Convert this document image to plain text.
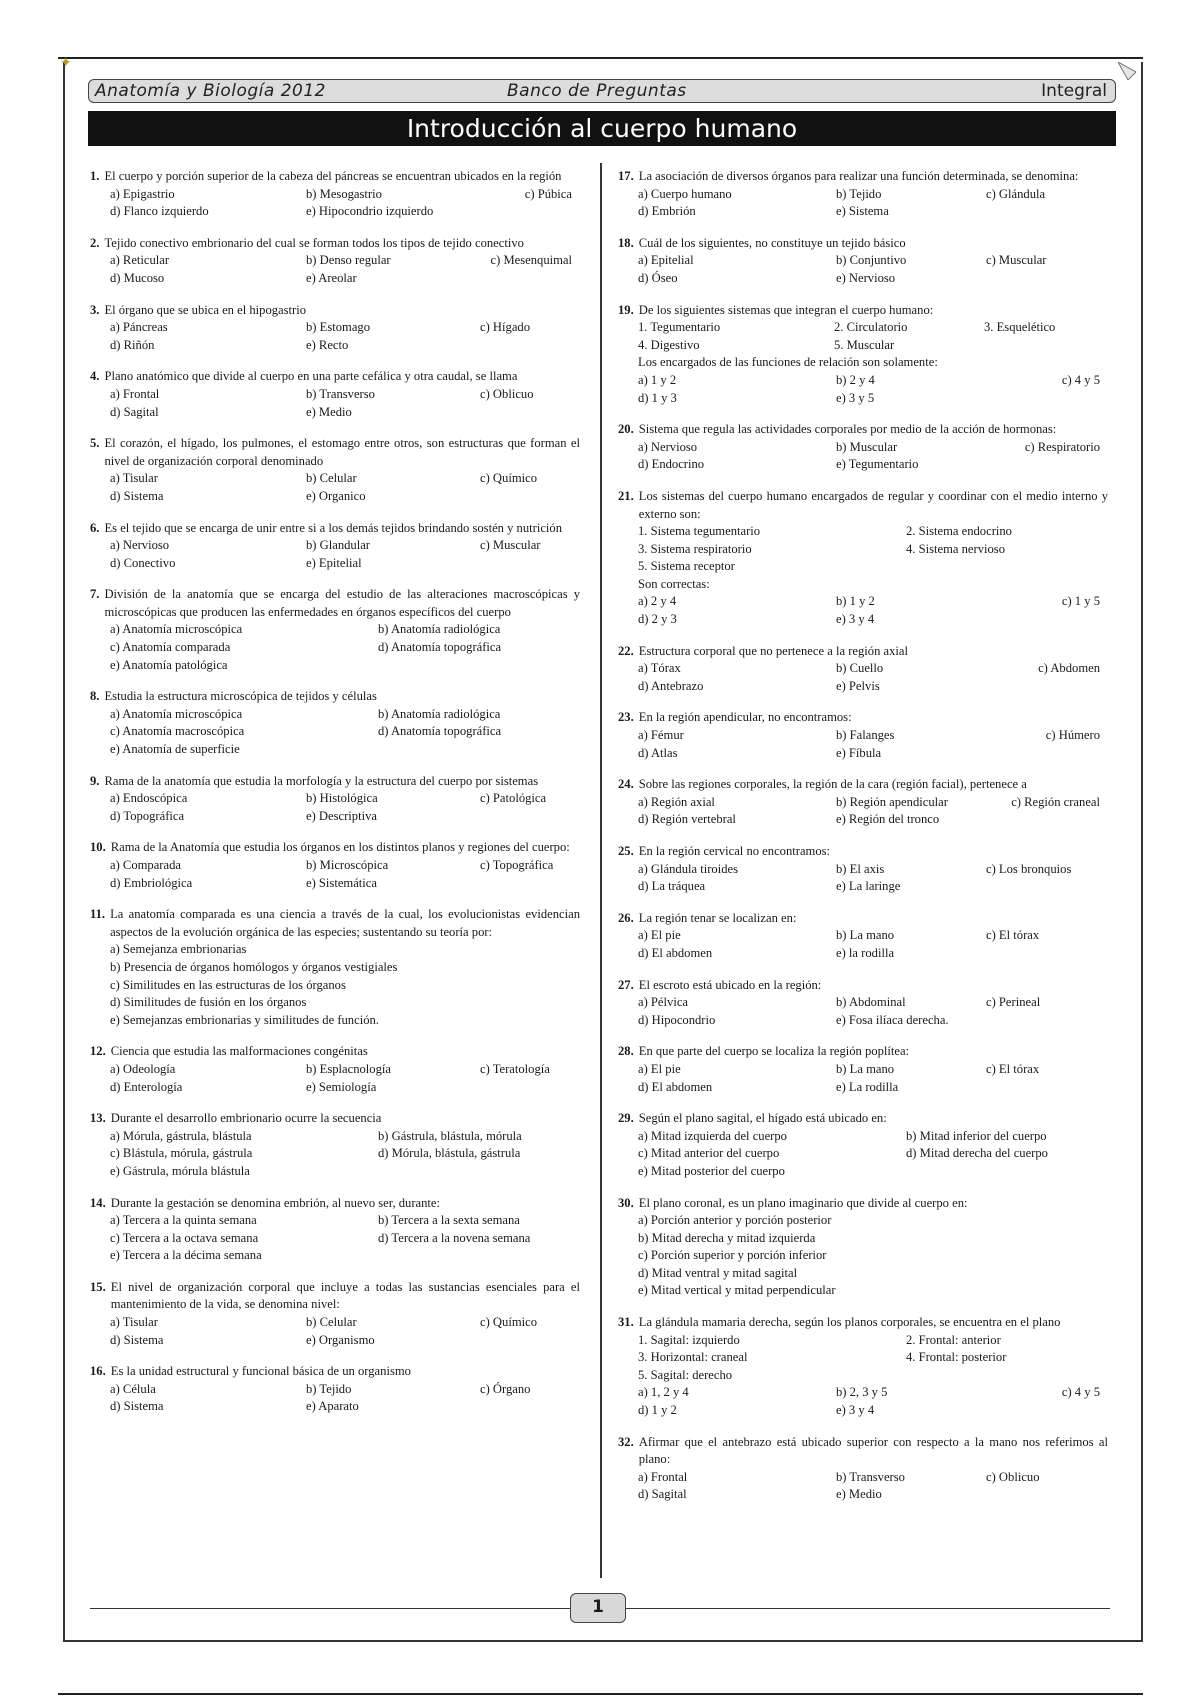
✦
Anatomía y Biología 2012	Banco de Preguntas	Integral
Introducción al cuerpo humano
1. El cuerpo y porción superior de la cabeza del páncreas se encuentran ubicados en la región
a) Epigastrio	b) Mesogastrio	c) Púbica
d) Flanco izquierdo	e) Hipocondrio izquierdo
2. Tejido conectivo embrionario del cual se forman todos los tipos de tejido conectivo
a) Reticular	b) Denso regular	c) Mesenquimal
d) Mucoso	e) Areolar
3. El órgano que se ubica en el hipogastrio
a) Páncreas	b) Estomago	c) Hígado
d) Riñón	e) Recto
4. Plano anatómico que divide al cuerpo en una parte cefálica y otra caudal, se llama
a) Frontal	b) Transverso	c) Oblicuo
d) Sagital	e) Medio
5. El corazón, el hígado, los pulmones, el estomago entre otros, son estructuras que forman el nivel de organización corporal denominado
a) Tisular	b) Celular	c) Químico
d) Sistema	e) Organico
6. Es el tejido que se encarga de unir entre si a los demás tejidos brindando sostén y nutrición
a) Nervioso	b) Glandular	c) Muscular
d) Conectivo	e) Epitelial
7. División de la anatomía que se encarga del estudio de las alteraciones macroscópicas y microscópicas que producen las enfermedades en órganos específicos del cuerpo
a) Anatomía microscópica	b) Anatomía radiológica
c) Anatomía comparada	d) Anatomía topográfica
e) Anatomía patológica
8. Estudia la estructura microscópica de tejidos y células
a) Anatomía microscópica	b) Anatomía radiológica
c) Anatomía macroscópica	d) Anatomía topográfica
e) Anatomía de superficie
9. Rama de la anatomía que estudia la morfología y la estructura del cuerpo por sistemas
a) Endoscópica	b) Histológica	c) Patológica
d) Topográfica	e) Descriptiva
10. Rama de la Anatomía que estudia los órganos en los distintos planos y regiones del cuerpo:
a) Comparada	b) Microscópica	c) Topográfica
d) Embriológica	e) Sistemática
11. La anatomía comparada es una ciencia a través de la cual, los evolucionistas evidencian aspectos de la evolución orgánica de las especies; sustentando su teoría por:
a) Semejanza embrionarias
b) Presencia de órganos homólogos y órganos vestigiales
c) Similitudes en las estructuras de los órganos
d) Similitudes de fusión en los órganos
e) Semejanzas embrionarias y similitudes de función.
12. Ciencia que estudia las malformaciones congénitas
a) Odeología	b) Esplacnología	c) Teratología
d) Enterología	e) Semiología
13. Durante el desarrollo embrionario ocurre la secuencia
a) Mórula, gástrula, blástula	b) Gástrula, blástula, mórula
c) Blástula, mórula, gástrula	d) Mórula, blástula, gástrula
e) Gástrula, mórula blástula
14. Durante la gestación se denomina embrión, al nuevo ser, durante:
a) Tercera a la quinta semana	b) Tercera a la sexta semana
c) Tercera a la octava semana	d) Tercera a la novena semana
e) Tercera a la décima semana
15. El nivel de organización corporal que incluye a todas las sustancias esenciales para el mantenimiento de la vida, se denomina nivel:
a) Tisular	b) Celular	c) Químico
d) Sistema	e) Organismo
16. Es la unidad estructural y funcional básica de un organismo
a) Célula	b) Tejido	c) Órgano
d) Sistema	e) Aparato
17. La asociación de diversos órganos para realizar una función determinada, se denomina:
a) Cuerpo humano	b) Tejido	c) Glándula
d) Embrión	e) Sistema
18. Cuál de los siguientes, no constituye un tejido básico
a) Epitelial	b) Conjuntivo	c) Muscular
d) Óseo	e) Nervioso
19. De los siguientes sistemas que integran el cuerpo humano:
1. Tegumentario	2. Circulatorio	3. Esquelético
4. Digestivo	5. Muscular
Los encargados de las funciones de relación son solamente:
a) 1 y 2	b) 2 y 4	c) 4 y 5
d) 1 y 3	e) 3 y 5
20. Sistema que regula las actividades corporales por medio de la acción de hormonas:
a) Nervioso	b) Muscular	c) Respiratorio
d) Endocrino	e) Tegumentario
21. Los sistemas del cuerpo humano encargados de regular y coordinar con el medio interno y externo son:
1. Sistema tegumentario	2. Sistema endocrino
3. Sistema respiratorio	4. Sistema nervioso
5. Sistema receptor
Son correctas:
a) 2 y 4	b) 1 y 2	c) 1 y 5
d) 2 y 3	e) 3 y 4
22. Estructura corporal que no pertenece a la región axial
a) Tórax	b) Cuello	c) Abdomen
d) Antebrazo	e) Pelvis
23. En la región apendicular, no encontramos:
a) Fémur	b) Falanges	c) Húmero
d) Atlas	e) Fíbula
24. Sobre las regiones corporales, la región de la cara (región facial), pertenece a
a) Región axial	b) Región apendicular	c) Región craneal
d) Región vertebral	e) Región del tronco
25. En la región cervical no encontramos:
a) Glándula tiroides	b) El axis	c) Los bronquios
d) La tráquea	e) La laringe
26. La región tenar se localizan en:
a) El pie	b) La mano	c) El tórax
d) El abdomen	e) la rodilla
27. El escroto está ubicado en la región:
a) Pélvica	b) Abdominal	c) Perineal
d) Hipocondrio	e) Fosa ilíaca derecha.
28. En que parte del cuerpo se localiza la región poplítea:
a) El pie	b) La mano	c) El tórax
d) El abdomen	e) La rodilla
29. Según el plano sagital, el hígado está ubicado en:
a) Mitad izquierda del cuerpo	b) Mitad inferior del cuerpo
c) Mitad anterior del cuerpo	d) Mitad derecha del cuerpo
e) Mitad posterior del cuerpo
30. El plano coronal, es un plano imaginario que divide al cuerpo en:
a) Porción anterior y porción posterior
b) Mitad derecha y mitad izquierda
c) Porción superior y porción inferior
d) Mitad ventral y mitad sagital
e) Mitad vertical y mitad perpendicular
31. La glándula mamaria derecha, según los planos corporales, se encuentra en el plano
1. Sagital: izquierdo	2. Frontal: anterior
3. Horizontal: craneal	4. Frontal: posterior
5. Sagital: derecho
a) 1, 2 y 4	b) 2, 3 y 5	c) 4 y 5
d) 1 y 2	e) 3 y 4
32. Afirmar que el antebrazo está ubicado superior con respecto a la mano nos referimos al plano:
a) Frontal	b) Transverso	c) Oblicuo
d) Sagital	e) Medio
1
